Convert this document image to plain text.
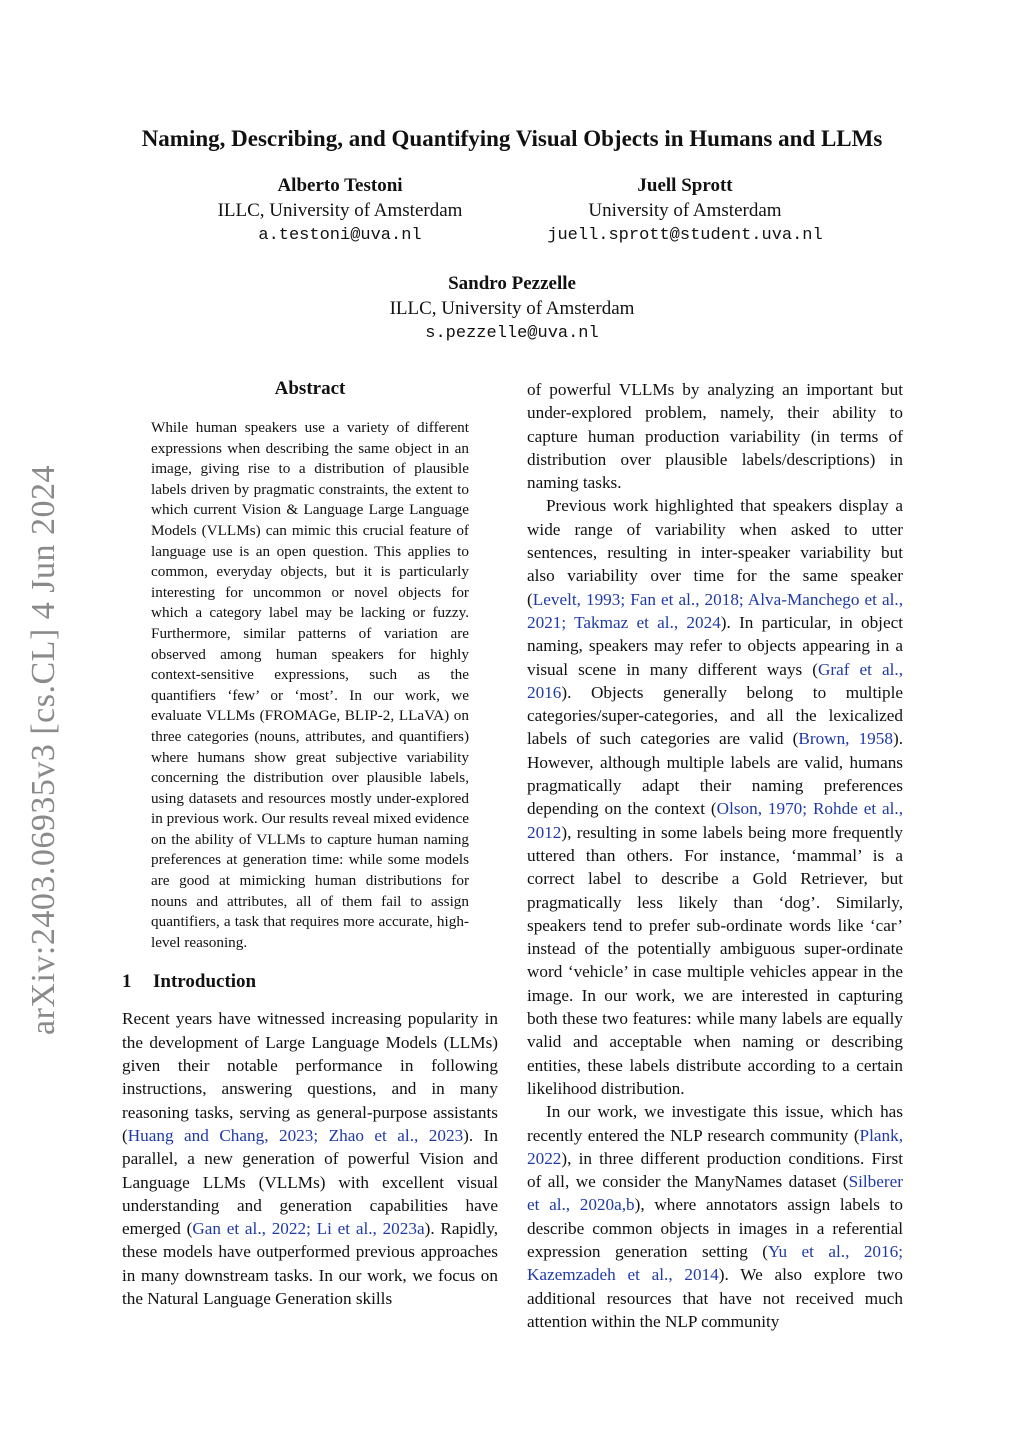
arXiv:2403.06935v3 [cs.CL] 4 Jun 2024
Naming, Describing, and Quantifying Visual Objects in Humans and LLMs
Alberto Testoni
ILLC, University of Amsterdam
a.testoni@uva.nl
Juell Sprott
University of Amsterdam
juell.sprott@student.uva.nl
Sandro Pezzelle
ILLC, University of Amsterdam
s.pezzelle@uva.nl
Abstract

While human speakers use a variety of different expressions when describing the same object in an image, giving rise to a distribution of plausible labels driven by pragmatic constraints, the extent to which current Vision & Language Large Language Models (VLLMs) can mimic this crucial feature of language use is an open question. This applies to common, everyday objects, but it is particularly interesting for uncommon or novel objects for which a category label may be lacking or fuzzy. Furthermore, similar patterns of variation are observed among human speakers for highly context-sensitive expressions, such as the quantifiers ‘few’ or ‘most’. In our work, we evaluate VLLMs (FROMAGe, BLIP-2, LLaVA) on three categories (nouns, attributes, and quantifiers) where humans show great subjective variability concerning the distribution over plausible labels, using datasets and resources mostly under-explored in previous work. Our results reveal mixed evidence on the ability of VLLMs to capture human naming preferences at generation time: while some models are good at mimicking human distributions for nouns and attributes, all of them fail to assign quantifiers, a task that requires more accurate, high-level reasoning.

1 Introduction

Recent years have witnessed increasing popularity in the development of Large Language Models (LLMs) given their notable performance in following instructions, answering questions, and in many reasoning tasks, serving as general-purpose assistants (Huang and Chang, 2023; Zhao et al., 2023). In parallel, a new generation of powerful Vision and Language LLMs (VLLMs) with excellent visual understanding and generation capabilities have emerged (Gan et al., 2022; Li et al., 2023a). Rapidly, these models have outperformed previous approaches in many downstream tasks. In our work, we focus on the Natural Language Generation skills

of powerful VLLMs by analyzing an important but under-explored problem, namely, their ability to capture human production variability (in terms of distribution over plausible labels/descriptions) in naming tasks.

Previous work highlighted that speakers display a wide range of variability when asked to utter sentences, resulting in inter-speaker variability but also variability over time for the same speaker (Levelt, 1993; Fan et al., 2018; Alva-Manchego et al., 2021; Takmaz et al., 2024). In particular, in object naming, speakers may refer to objects appearing in a visual scene in many different ways (Graf et al., 2016). Objects generally belong to multiple categories/super-categories, and all the lexicalized labels of such categories are valid (Brown, 1958). However, although multiple labels are valid, humans pragmatically adapt their naming preferences depending on the context (Olson, 1970; Rohde et al., 2012), resulting in some labels being more frequently uttered than others. For instance, ‘mammal’ is a correct label to describe a Gold Retriever, but pragmatically less likely than ‘dog’. Similarly, speakers tend to prefer sub-ordinate words like ‘car’ instead of the potentially ambiguous super-ordinate word ‘vehicle’ in case multiple vehicles appear in the image. In our work, we are interested in capturing both these two features: while many labels are equally valid and acceptable when naming or describing entities, these labels distribute according to a certain likelihood distribution.

In our work, we investigate this issue, which has recently entered the NLP research community (Plank, 2022), in three different production conditions. First of all, we consider the ManyNames dataset (Silberer et al., 2020a,b), where annotators assign labels to describe common objects in images in a referential expression generation setting (Yu et al., 2016; Kazemzadeh et al., 2014). We also explore two additional resources that have not received much attention within the NLP community
